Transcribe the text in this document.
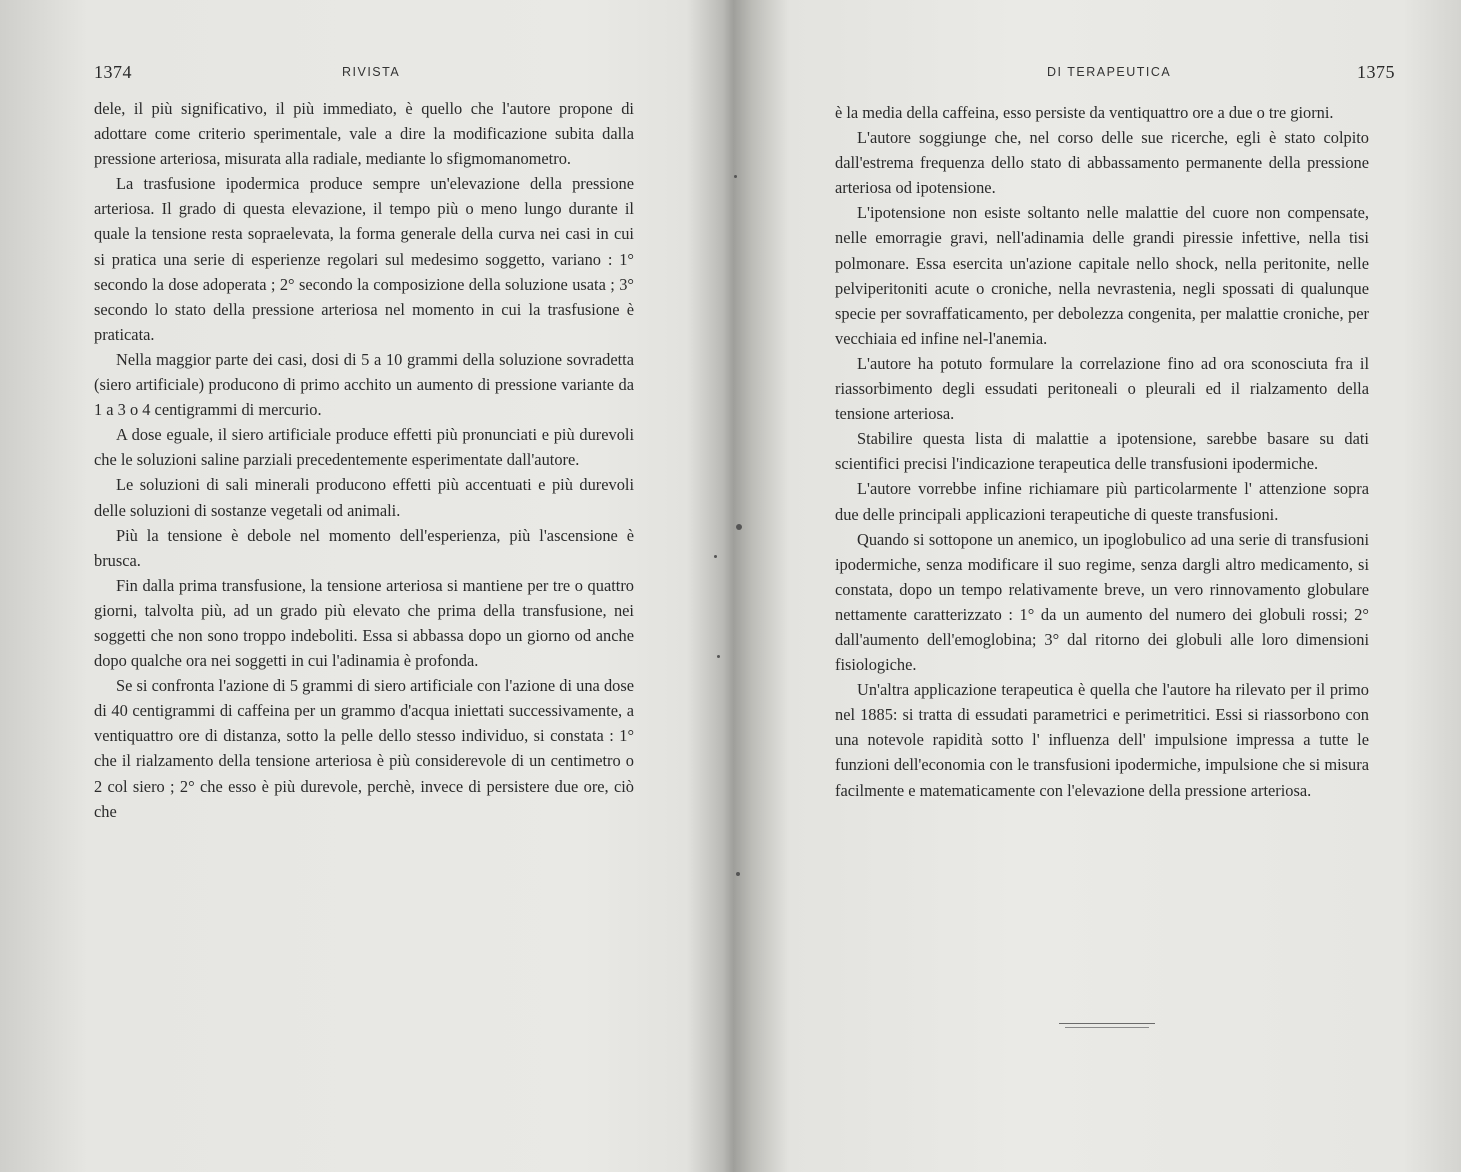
1374	RIVISTA

dele, il più significativo, il più immediato, è quello che l'autore propone di adottare come criterio sperimentale, vale a dire la modificazione subita dalla pressione arteriosa, misurata alla radiale, mediante lo sfigmomanometro.

La trasfusione ipodermica produce sempre un'elevazione della pressione arteriosa. Il grado di questa elevazione, il tempo più o meno lungo durante il quale la tensione resta sopraelevata, la forma generale della curva nei casi in cui si pratica una serie di esperienze regolari sul medesimo soggetto, variano : 1° secondo la dose adoperata ; 2° secondo la composizione della soluzione usata ; 3° secondo lo stato della pressione arteriosa nel momento in cui la trasfusione è praticata.

Nella maggior parte dei casi, dosi di 5 a 10 grammi della soluzione sovradetta (siero artificiale) producono di primo acchito un aumento di pressione variante da 1 a 3 o 4 centigrammi di mercurio.

A dose eguale, il siero artificiale produce effetti più pronunciati e più durevoli che le soluzioni saline parziali precedentemente esperimentate dall'autore.

Le soluzioni di sali minerali producono effetti più accentuati e più durevoli delle soluzioni di sostanze vegetali od animali.

Più la tensione è debole nel momento dell'esperienza, più l'ascensione è brusca.

Fin dalla prima transfusione, la tensione arteriosa si mantiene per tre o quattro giorni, talvolta più, ad un grado più elevato che prima della transfusione, nei soggetti che non sono troppo indeboliti. Essa si abbassa dopo un giorno od anche dopo qualche ora nei soggetti in cui l'adinamia è profonda.

Se si confronta l'azione di 5 grammi di siero artificiale con l'azione di una dose di 40 centigrammi di caffeina per un grammo d'acqua iniettati successivamente, a ventiquattro ore di distanza, sotto la pelle dello stesso individuo, si constata : 1° che il rialzamento della tensione arteriosa è più considerevole di un centimetro o 2 col siero ; 2° che esso è più durevole, perchè, invece di persistere due ore, ciò che

DI TERAPEUTICA	1375

è la media della caffeina, esso persiste da ventiquattro ore a due o tre giorni.

L'autore soggiunge che, nel corso delle sue ricerche, egli è stato colpito dall'estrema frequenza dello stato di abbassamento permanente della pressione arteriosa od ipotensione.

L'ipotensione non esiste soltanto nelle malattie del cuore non compensate, nelle emorragie gravi, nell'adinamia delle grandi piressie infettive, nella tisi polmonare. Essa esercita un'azione capitale nello shock, nella peritonite, nelle pelviperitoniti acute o croniche, nella nevrastenia, negli spossati di qualunque specie per sovraffaticamento, per debolezza congenita, per malattie croniche, per vecchiaia ed infine nel-l'anemia.

L'autore ha potuto formulare la correlazione fino ad ora sconosciuta fra il riassorbimento degli essudati peritoneali o pleurali ed il rialzamento della tensione arteriosa.

Stabilire questa lista di malattie a ipotensione, sarebbe basare su dati scientifici precisi l'indicazione terapeutica delle transfusioni ipodermiche.

L'autore vorrebbe infine richiamare più particolarmente l' attenzione sopra due delle principali applicazioni terapeutiche di queste transfusioni.

Quando si sottopone un anemico, un ipoglobulico ad una serie di transfusioni ipodermiche, senza modificare il suo regime, senza dargli altro medicamento, si constata, dopo un tempo relativamente breve, un vero rinnovamento globulare nettamente caratterizzato : 1° da un aumento del numero dei globuli rossi; 2° dall'aumento dell'emoglobina; 3° dal ritorno dei globuli alle loro dimensioni fisiologiche.

Un'altra applicazione terapeutica è quella che l'autore ha rilevato per il primo nel 1885: si tratta di essudati parametrici e perimetritici. Essi si riassorbono con una notevole rapidità sotto l' influenza dell' impulsione impressa a tutte le funzioni dell'economia con le transfusioni ipodermiche, impulsione che si misura facilmente e matematicamente con l'elevazione della pressione arteriosa.
